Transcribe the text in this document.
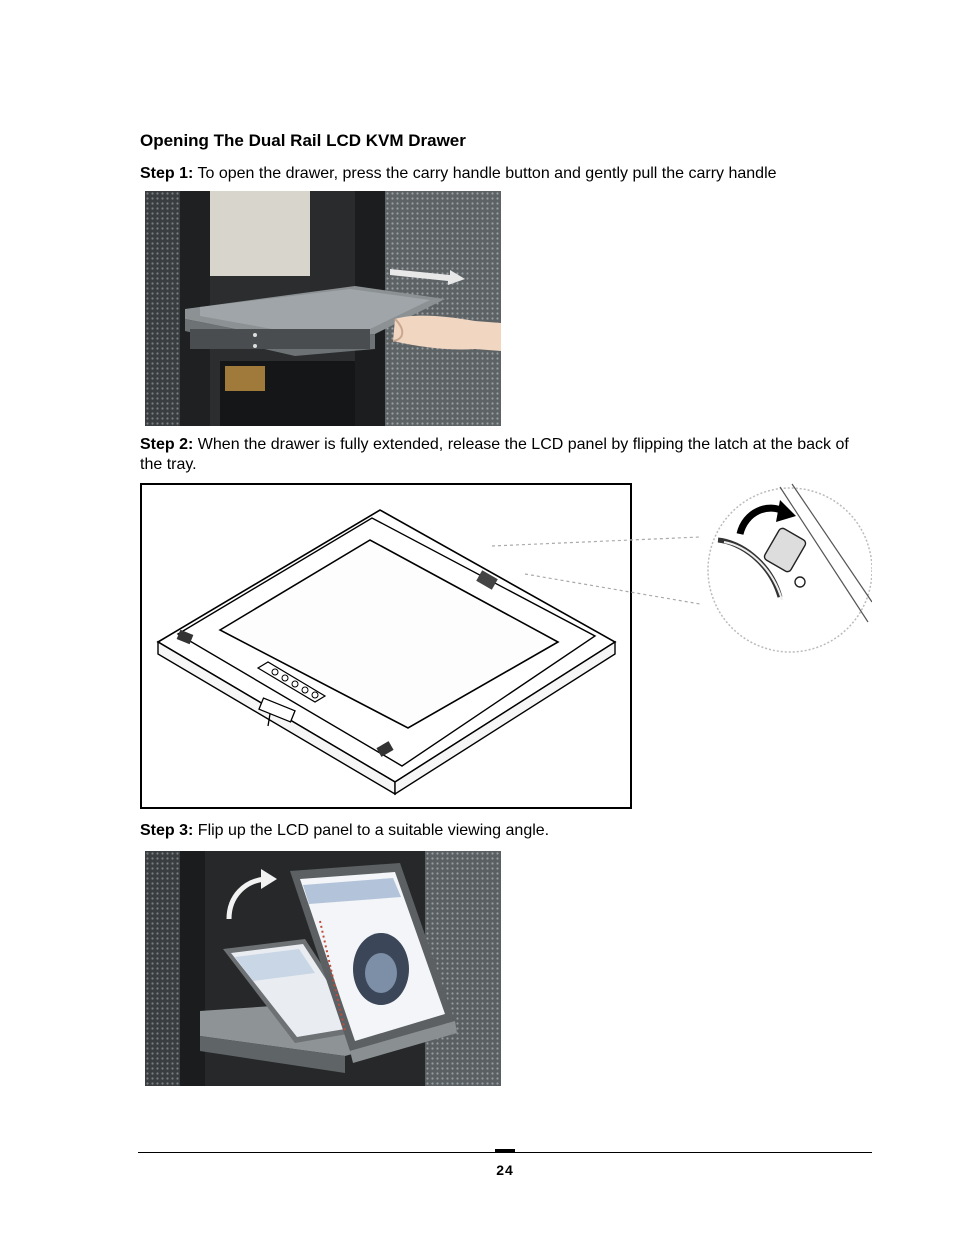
Opening The Dual Rail LCD KVM Drawer

Step 1: To open the drawer, press the carry handle button and gently pull the carry handle

Step 2: When the drawer is fully extended, release the LCD panel by flipping the latch at the back of the tray.

Step 3: Flip up the LCD panel to a suitable viewing angle.

24
